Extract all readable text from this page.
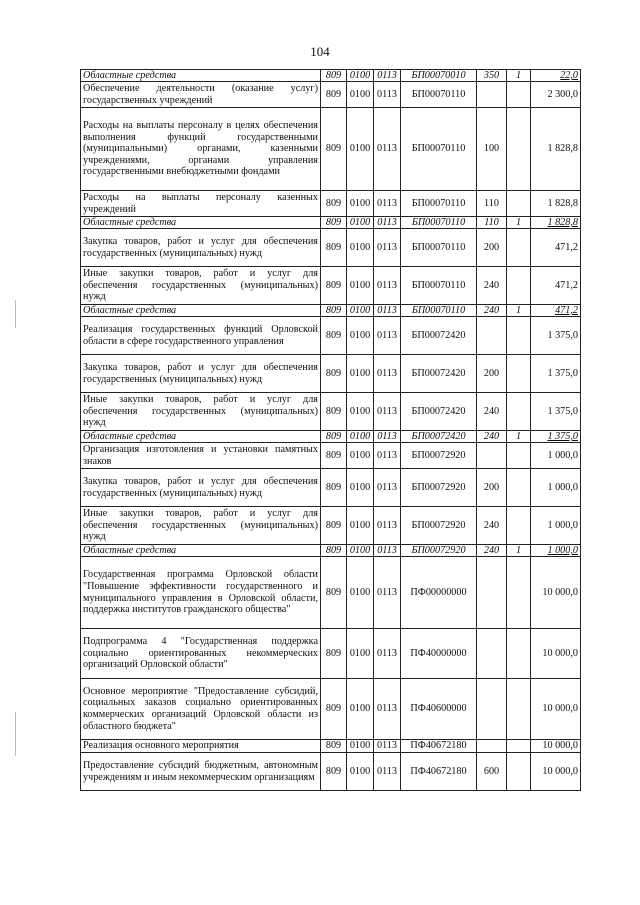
104
Областные средства	809	0100	0113	БП00070010	350	1	22,0
Обеспечение деятельности (оказание услуг) государственных учреждений	809	0100	0113	БП00070110			2 300,0
Расходы на выплаты персоналу в целях обеспечения выполнения функций государственными (муниципальными) органами, казенными учреждениями, органами управления государственными внебюджетными фондами	809	0100	0113	БП00070110	100		1 828,8
Расходы на выплаты персоналу казенных учреждений	809	0100	0113	БП00070110	110		1 828,8
Областные средства	809	0100	0113	БП00070110	110	1	1 828,8
Закупка товаров, работ и услуг для обеспечения государственных (муниципальных) нужд	809	0100	0113	БП00070110	200		471,2
Иные закупки товаров, работ и услуг для обеспечения государственных (муниципальных) нужд	809	0100	0113	БП00070110	240		471,2
Областные средства	809	0100	0113	БП00070110	240	1	471,2
Реализация государственных функций Орловской области в сфере государственного управления	809	0100	0113	БП00072420			1 375,0
Закупка товаров, работ и услуг для обеспечения государственных (муниципальных) нужд	809	0100	0113	БП00072420	200		1 375,0
Иные закупки товаров, работ и услуг для обеспечения государственных (муниципальных) нужд	809	0100	0113	БП00072420	240		1 375,0
Областные средства	809	0100	0113	БП00072420	240	1	1 375,0
Организация изготовления и установки памятных знаков	809	0100	0113	БП00072920			1 000,0
Закупка товаров, работ и услуг для обеспечения государственных (муниципальных) нужд	809	0100	0113	БП00072920	200		1 000,0
Иные закупки товаров, работ и услуг для обеспечения государственных (муниципальных) нужд	809	0100	0113	БП00072920	240		1 000,0
Областные средства	809	0100	0113	БП00072920	240	1	1 000,0
Государственная программа Орловской области "Повышение эффективности государственного и муниципального управления в Орловской области, поддержка институтов гражданского общества"	809	0100	0113	ПФ00000000			10 000,0
Подпрограмма 4 "Государственная поддержка социально ориентированных некоммерческих организаций Орловской области"	809	0100	0113	ПФ40000000			10 000,0
Основное мероприятие "Предоставление субсидий, социальных заказов социально ориентированных коммерческих организаций Орловской области из областного бюджета"	809	0100	0113	ПФ40600000			10 000,0
Реализация основного мероприятия	809	0100	0113	ПФ40672180			10 000,0
Предоставление субсидий бюджетным, автономным учреждениям и иным некоммерческим организациям	809	0100	0113	ПФ40672180	600		10 000,0
